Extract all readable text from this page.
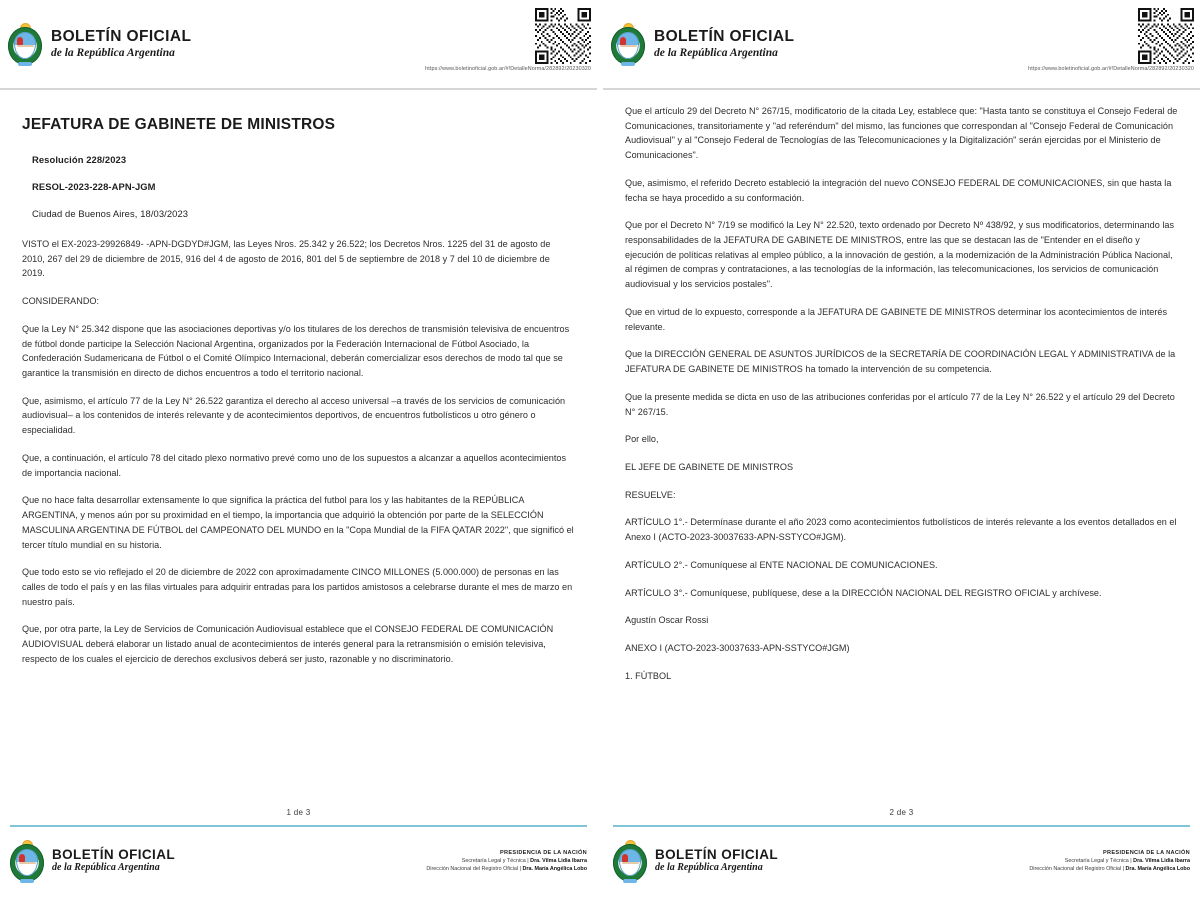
BOLETÍN OFICIAL
de la República Argentina
https://www.boletinoficial.gob.ar/#!DetalleNorma/282892/20230320
JEFATURA DE GABINETE DE MINISTROS
Resolución 228/2023
RESOL-2023-228-APN-JGM
Ciudad de Buenos Aires, 18/03/2023

VISTO el EX-2023-29926849- -APN-DGDYD#JGM, las Leyes Nros. 25.342 y 26.522; los Decretos Nros. 1225 del 31 de agosto de 2010, 267 del 29 de diciembre de 2015, 916 del 4 de agosto de 2016, 801 del 5 de septiembre de 2018 y 7 del 10 de diciembre de 2019.

CONSIDERANDO:

Que la Ley N° 25.342 dispone que las asociaciones deportivas y/o los titulares de los derechos de transmisión televisiva de encuentros de fútbol donde participe la Selección Nacional Argentina, organizados por la Federación Internacional de Fútbol Asociado, la Confederación Sudamericana de Fútbol o el Comité Olímpico Internacional, deberán comercializar esos derechos de modo tal que se garantice la transmisión en directo de dichos encuentros a todo el territorio nacional.

Que, asimismo, el artículo 77 de la Ley N° 26.522 garantiza el derecho al acceso universal –a través de los servicios de comunicación audiovisual– a los contenidos de interés relevante y de acontecimientos deportivos, de encuentros futbolísticos u otro género o especialidad.

Que, a continuación, el artículo 78 del citado plexo normativo prevé como uno de los supuestos a alcanzar a aquellos acontecimientos de importancia nacional.

Que no hace falta desarrollar extensamente lo que significa la práctica del futbol para los y las habitantes de la REPÚBLICA ARGENTINA, y menos aún por su proximidad en el tiempo, la importancia que adquirió la obtención por parte de la SELECCIÓN MASCULINA ARGENTINA DE FÚTBOL del CAMPEONATO DEL MUNDO en la "Copa Mundial de la FIFA QATAR 2022", que significó el tercer título mundial en su historia.

Que todo esto se vio reflejado el 20 de diciembre de 2022 con aproximadamente CINCO MILLONES (5.000.000) de personas en las calles de todo el país y en las filas virtuales para adquirir entradas para los partidos amistosos a celebrarse durante el mes de marzo en nuestro país.

Que, por otra parte, la Ley de Servicios de Comunicación Audiovisual establece que el CONSEJO FEDERAL DE COMUNICACIÓN AUDIOVISUAL deberá elaborar un listado anual de acontecimientos de interés general para la retransmisión o emisión televisiva, respecto de los cuales el ejercicio de derechos exclusivos deberá ser justo, razonable y no discriminatorio.

1 de 3
BOLETÍN OFICIAL
de la República Argentina
PRESIDENCIA DE LA NACIÓN
Secretaría Legal y Técnica | Dra. Vilma Lidia Ibarra
Dirección Nacional del Registro Oficial | Dra. María Angélica Lobo
BOLETÍN OFICIAL
de la República Argentina
https://www.boletinoficial.gob.ar/#!DetalleNorma/282892/20230320

Que el artículo 29 del Decreto N° 267/15, modificatorio de la citada Ley, establece que: "Hasta tanto se constituya el Consejo Federal de Comunicaciones, transitoriamente y "ad referéndum" del mismo, las funciones que correspondan al "Consejo Federal de Comunicación Audiovisual" y al "Consejo Federal de Tecnologías de las Telecomunicaciones y la Digitalización" serán ejercidas por el Ministerio de Comunicaciones".

Que, asimismo, el referido Decreto estableció la integración del nuevo CONSEJO FEDERAL DE COMUNICACIONES, sin que hasta la fecha se haya procedido a su conformación.

Que por el Decreto N° 7/19 se modificó la Ley N° 22.520, texto ordenado por Decreto Nº 438/92, y sus modificatorios, determinando las responsabilidades de la JEFATURA DE GABINETE DE MINISTROS, entre las que se destacan las de "Entender en el diseño y ejecución de políticas relativas al empleo público, a la innovación de gestión, a la modernización de la Administración Pública Nacional, al régimen de compras y contrataciones, a las tecnologías de la información, las telecomunicaciones, los servicios de comunicación audiovisual y los servicios postales".

Que en virtud de lo expuesto, corresponde a la JEFATURA DE GABINETE DE MINISTROS determinar los acontecimientos de interés relevante.

Que la DIRECCIÓN GENERAL DE ASUNTOS JURÍDICOS de la SECRETARÍA DE COORDINACIÓN LEGAL Y ADMINISTRATIVA de la JEFATURA DE GABINETE DE MINISTROS ha tomado la intervención de su competencia.

Que la presente medida se dicta en uso de las atribuciones conferidas por el artículo 77 de la Ley N° 26.522 y el artículo 29 del Decreto N° 267/15.

Por ello,

EL JEFE DE GABINETE DE MINISTROS

RESUELVE:

ARTÍCULO 1°.- Determínase durante el año 2023 como acontecimientos futbolísticos de interés relevante a los eventos detallados en el Anexo I (ACTO-2023-30037633-APN-SSTYCO#JGM).

ARTÍCULO 2°.- Comuníquese al ENTE NACIONAL DE COMUNICACIONES.

ARTÍCULO 3°.- Comuníquese, publíquese, dese a la DIRECCIÓN NACIONAL DEL REGISTRO OFICIAL y archívese.

Agustín Oscar Rossi

ANEXO I (ACTO-2023-30037633-APN-SSTYCO#JGM)

1. FÚTBOL

2 de 3
BOLETÍN OFICIAL
de la República Argentina
PRESIDENCIA DE LA NACIÓN
Secretaría Legal y Técnica | Dra. Vilma Lidia Ibarra
Dirección Nacional del Registro Oficial | Dra. María Angélica Lobo
